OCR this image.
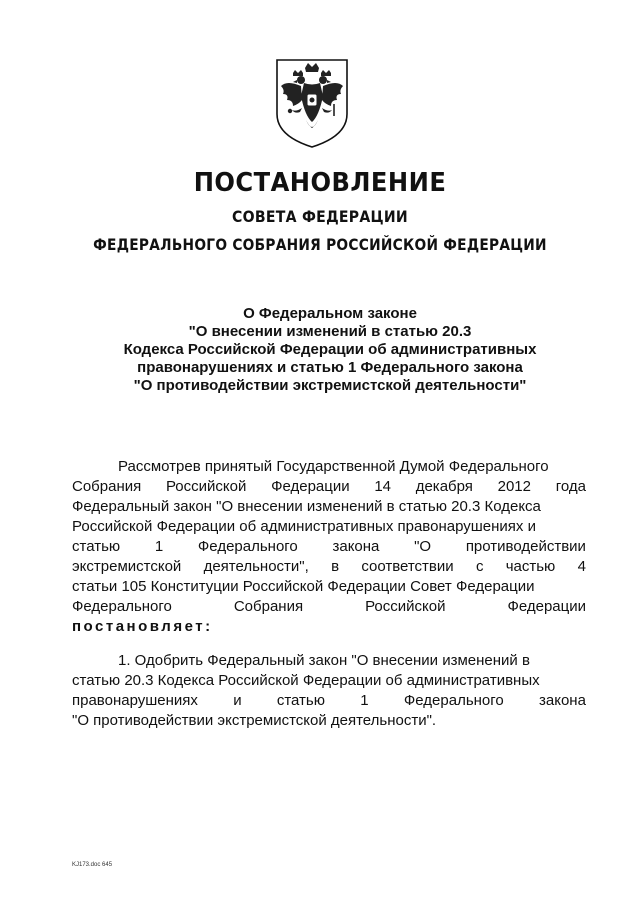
ПОСТАНОВЛЕНИЕ
СОВЕТА ФЕДЕРАЦИИ
ФЕДЕРАЛЬНОГО СОБРАНИЯ РОССИЙСКОЙ ФЕДЕРАЦИИ
О Федеральном законе
"О внесении изменений в статью 20.3
Кодекса Российской Федерации об административных
правонарушениях и статью 1 Федерального закона
"О противодействии экстремистской деятельности"
Рассмотрев принятый Государственной Думой Федерального
Собрания Российской Федерации 14 декабря 2012 года
Федеральный закон "О внесении изменений в статью 20.3 Кодекса
Российской Федерации об административных правонарушениях и
статью 1 Федерального закона "О противодействии
экстремистской деятельности", в соответствии с частью 4
статьи 105 Конституции Российской Федерации Совет Федерации
Федерального	Собрания	Российской	Федерации
постановляет:
1. Одобрить Федеральный закон "О внесении изменений в
статью 20.3 Кодекса Российской Федерации об административных
правонарушениях и статью 1 Федерального закона
"О противодействии экстремистской деятельности".
KJ173.doc 645
